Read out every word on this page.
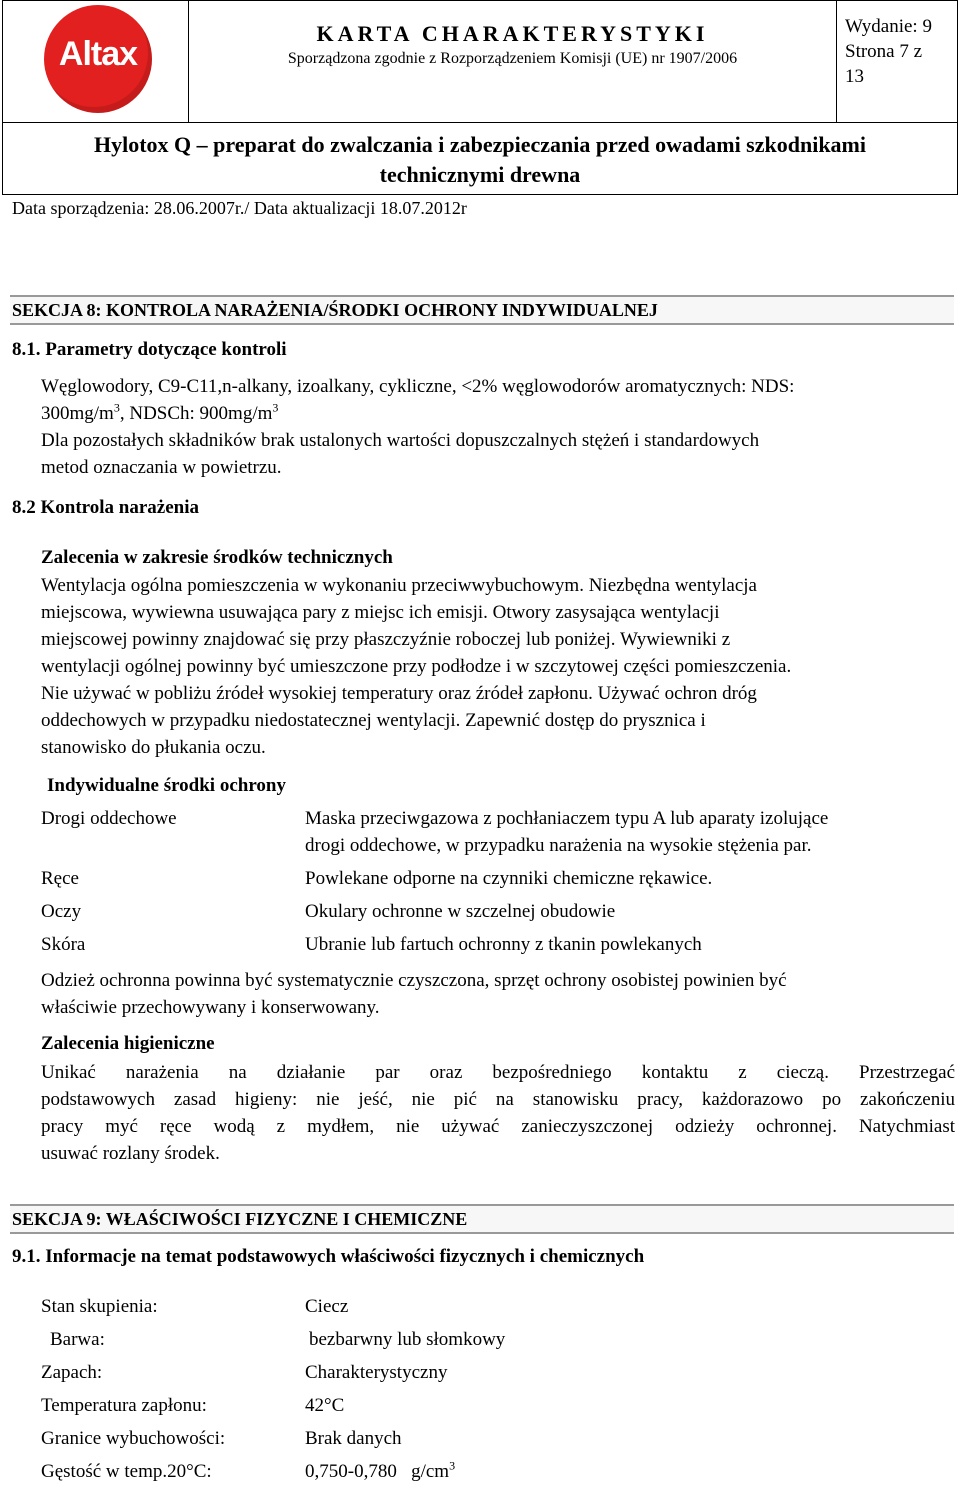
Altax
KARTA CHARAKTERYSTYKI
Sporządzona zgodnie z Rozporządzeniem Komisji (UE) nr 1907/2006
Wydanie: 9
Strona 7 z
13
Hylotox Q – preparat do zwalczania i zabezpieczania przed owadami szkodnikami
technicznymi drewna
Data sporządzenia: 28.06.2007r./ Data aktualizacji 18.07.2012r
SEKCJA 8: KONTROLA NARAŻENIA/ŚRODKI OCHRONY INDYWIDUALNEJ
8.1. Parametry dotyczące kontroli
Węglowodory, C9-C11,n-alkany, izoalkany, cykliczne, <2% węglowodorów aromatycznych: NDS:
$300mg/m^3$, NDSCh: $900mg/m^3$
Dla pozostałych składników brak ustalonych wartości dopuszczalnych stężeń i standardowych
metod oznaczania w powietrzu.
8.2 Kontrola narażenia
Zalecenia w zakresie środków technicznych
Wentylacja ogólna pomieszczenia w wykonaniu przeciwwybuchowym. Niezbędna wentylacja
miejscowa, wywiewna usuwająca pary z miejsc ich emisji. Otwory zasysająca wentylacji
miejscowej powinny znajdować się przy płaszczyźnie roboczej lub poniżej. Wywiewniki z
wentylacji ogólnej powinny być umieszczone przy podłodze i w szczytowej części pomieszczenia.
Nie używać w pobliżu źródeł wysokiej temperatury oraz źródeł zapłonu. Używać ochron dróg
oddechowych w przypadku niedostatecznej wentylacji. Zapewnić dostęp do prysznica i
stanowisko do płukania oczu.
Indywidualne środki ochrony
Drogi oddechowe	Maska przeciwgazowa z pochłaniaczem typu A lub aparaty izolujące
drogi oddechowe, w przypadku narażenia na wysokie stężenia par.
Ręce	Powlekane odporne na czynniki chemiczne rękawice.
Oczy	Okulary ochronne w szczelnej obudowie
Skóra	Ubranie lub fartuch ochronny z tkanin powlekanych
Odzież ochronna powinna być systematycznie czyszczona, sprzęt ochrony osobistej powinien być
właściwie przechowywany i konserwowany.
Zalecenia higieniczne
Unikać narażenia na działanie par oraz bezpośredniego kontaktu z cieczą. Przestrzegać
podstawowych zasad higieny: nie jeść, nie pić na stanowisku pracy, każdorazowo po zakończeniu
pracy myć ręce wodą z mydłem, nie używać zanieczyszczonej odzieży ochronnej. Natychmiast
usuwać rozlany środek.
SEKCJA 9: WŁAŚCIWOŚCI FIZYCZNE I CHEMICZNE
9.1. Informacje na temat podstawowych właściwości fizycznych i chemicznych
Stan skupienia:	Ciecz
Barwa:	bezbarwny lub słomkowy
Zapach:	Charakterystyczny
Temperatura zapłonu:	42°C
Granice wybuchowości:	Brak danych
Gęstość w temp.20°C:	0,750-0,780   $g/cm^3$
